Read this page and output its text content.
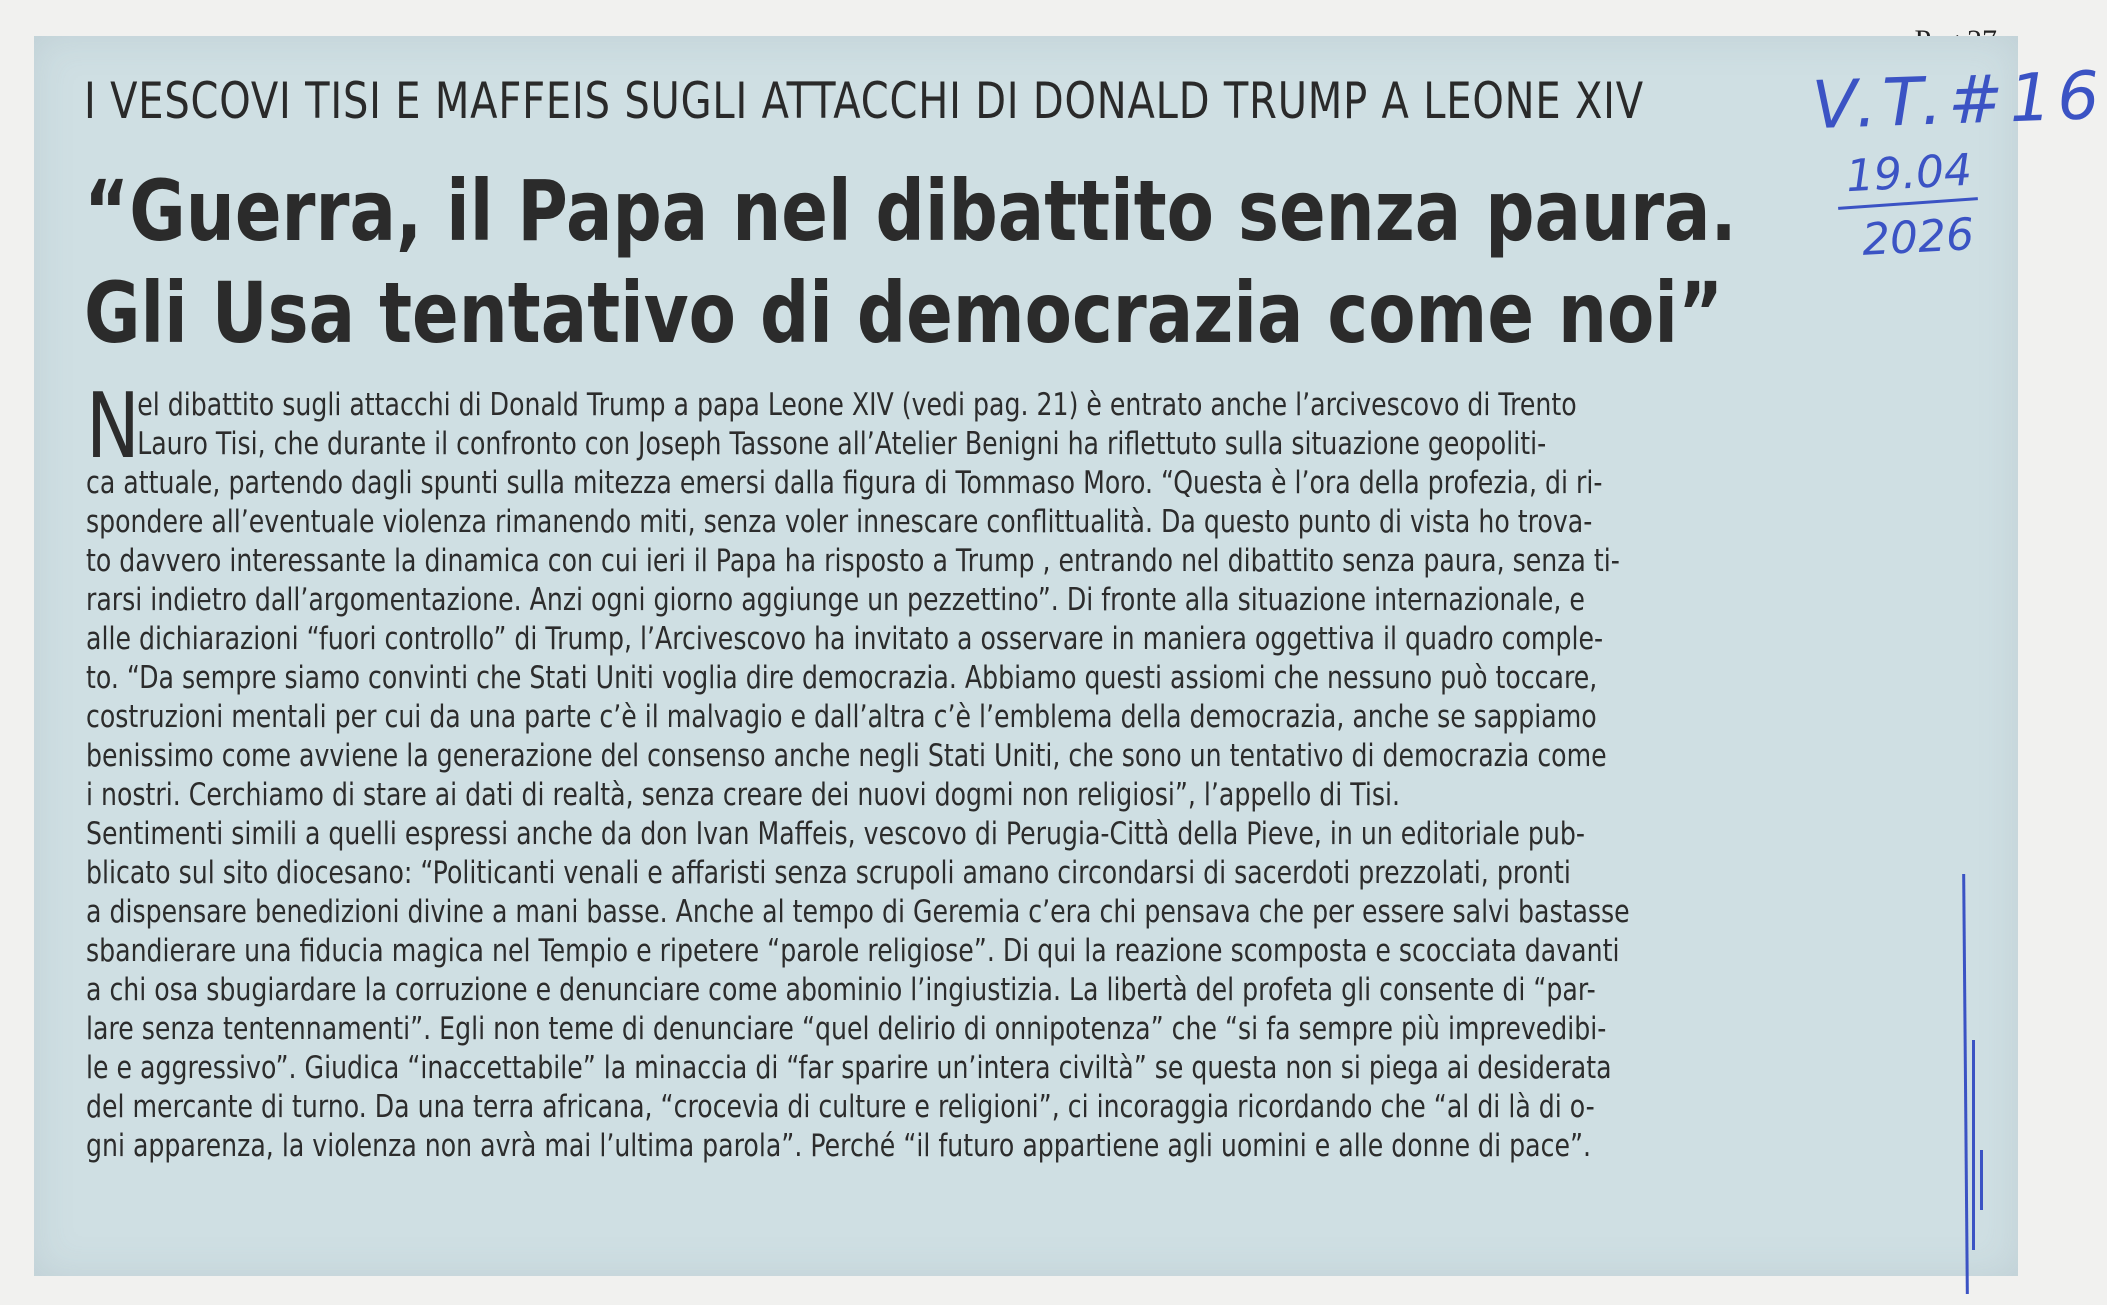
I VESCOVI TISI E MAFFEIS SUGLI ATTACCHI DI DONALD TRUMP A LEONE XIV
“Guerra, il Papa nel dibattito senza paura.
Gli Usa tentativo di democrazia come noi”
V.T.#16
19.04
2026
N
el dibattito sugli attacchi di Donald Trump a papa Leone XIV (vedi pag. 21) è entrato anche l’arcivescovo di Trento
Lauro Tisi, che durante il confronto con Joseph Tassone all’Atelier Benigni ha riflettuto sulla situazione geopoliti-
ca attuale, partendo dagli spunti sulla mitezza emersi dalla figura di Tommaso Moro. “Questa è l’ora della profezia, di ri-
spondere all’eventuale violenza rimanendo miti, senza voler innescare conflittualità. Da questo punto di vista ho trova-
to davvero interessante la dinamica con cui ieri il Papa ha risposto a Trump , entrando nel dibattito senza paura, senza ti-
rarsi indietro dall’argomentazione. Anzi ogni giorno aggiunge un pezzettino”. Di fronte alla situazione internazionale, e
alle dichiarazioni “fuori controllo” di Trump, l’Arcivescovo ha invitato a osservare in maniera oggettiva il quadro comple-
to. “Da sempre siamo convinti che Stati Uniti voglia dire democrazia. Abbiamo questi assiomi che nessuno può toccare,
costruzioni mentali per cui da una parte c’è il malvagio e dall’altra c’è l’emblema della democrazia, anche se sappiamo
benissimo come avviene la generazione del consenso anche negli Stati Uniti, che sono un tentativo di democrazia come
i nostri. Cerchiamo di stare ai dati di realtà, senza creare dei nuovi dogmi non religiosi”, l’appello di Tisi.
Sentimenti simili a quelli espressi anche da don Ivan Maffeis, vescovo di Perugia-Città della Pieve, in un editoriale pub-
blicato sul sito diocesano: “Politicanti venali e affaristi senza scrupoli amano circondarsi di sacerdoti prezzolati, pronti
a dispensare benedizioni divine a mani basse. Anche al tempo di Geremia c’era chi pensava che per essere salvi bastasse
sbandierare una fiducia magica nel Tempio e ripetere “parole religiose”. Di qui la reazione scomposta e scocciata davanti
a chi osa sbugiardare la corruzione e denunciare come abominio l’ingiustizia. La libertà del profeta gli consente di “par-
lare senza tentennamenti”. Egli non teme di denunciare “quel delirio di onnipotenza” che “si fa sempre più imprevedibi-
le e aggressivo”. Giudica “inaccettabile” la minaccia di “far sparire un’intera civiltà” se questa non si piega ai desiderata
del mercante di turno. Da una terra africana, “crocevia di culture e religioni”, ci incoraggia ricordando che “al di là di o-
gni apparenza, la violenza non avrà mai l’ultima parola”. Perché “il futuro appartiene agli uomini e alle donne di pace”.
